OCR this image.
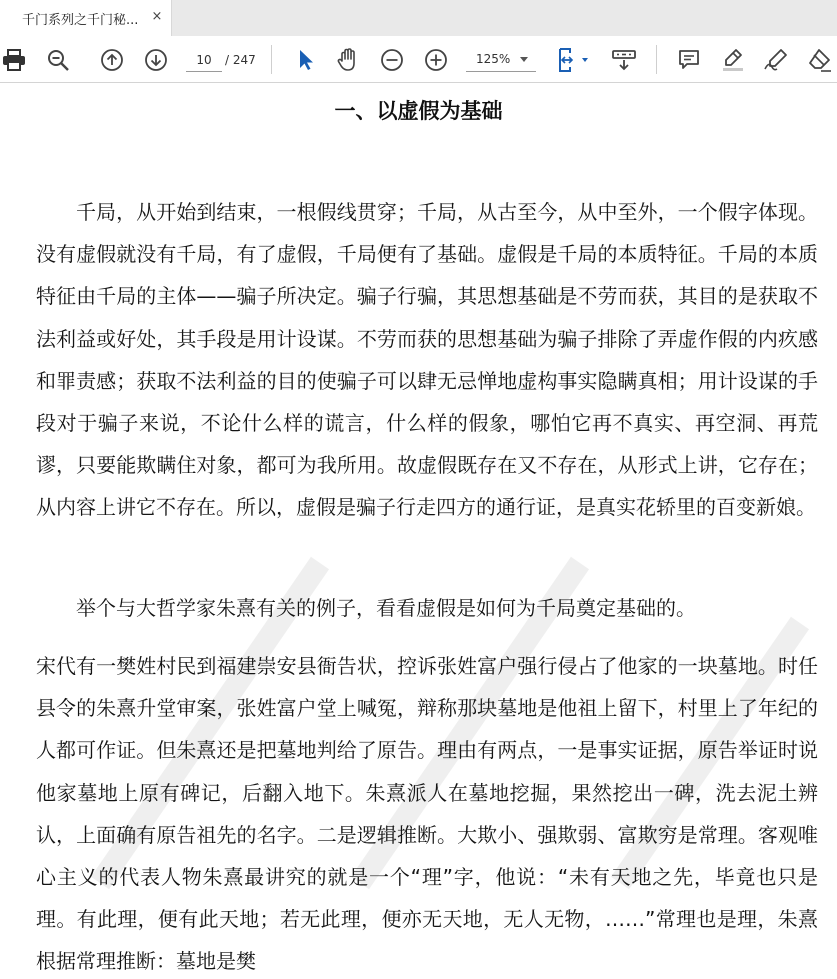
千门系列之千门秘... ×
10
/ 247	125%
一、以虚假为基础

千局，从开始到结束，一根假线贯穿；千局，从古至今，从中至外，一个假字体现。没有虚假就没有千局，有了虚假，千局便有了基础。虚假是千局的本质特征。千局的本质特征由千局的主体——骗子所决定。骗子行骗，其思想基础是不劳而获，其目的是获取不法利益或好处，其手段是用计设谋。不劳而获的思想基础为骗子排除了弄虚作假的内疚感和罪责感；获取不法利益的目的使骗子可以肆无忌惮地虚构事实隐瞒真相；用计设谋的手段对于骗子来说，不论什么样的谎言，什么样的假象，哪怕它再不真实、再空洞、再荒谬，只要能欺瞒住对象，都可为我所用。故虚假既存在又不存在，从形式上讲，它存在；从内容上讲它不存在。所以，虚假是骗子行走四方的通行证，是真实花轿里的百变新娘。

举个与大哲学家朱熹有关的例子，看看虚假是如何为千局奠定基础的。

宋代有一樊姓村民到福建崇安县衙告状，控诉张姓富户强行侵占了他家的一块墓地。时任县令的朱熹升堂审案，张姓富户堂上喊冤，辩称那块墓地是他祖上留下，村里上了年纪的人都可作证。但朱熹还是把墓地判给了原告。理由有两点，一是事实证据，原告举证时说他家墓地上原有碑记，后翻入地下。朱熹派人在墓地挖掘，果然挖出一碑，洗去泥土辨认，上面确有原告祖先的名字。二是逻辑推断。大欺小、强欺弱、富欺穷是常理。客观唯心主义的代表人物朱熹最讲究的就是一个“理”字，他说：“未有天地之先，毕竟也只是理。有此理，便有此天地；若无此理，便亦无天地，无人无物，……”常理也是理，朱熹根据常理推断：墓地是樊
